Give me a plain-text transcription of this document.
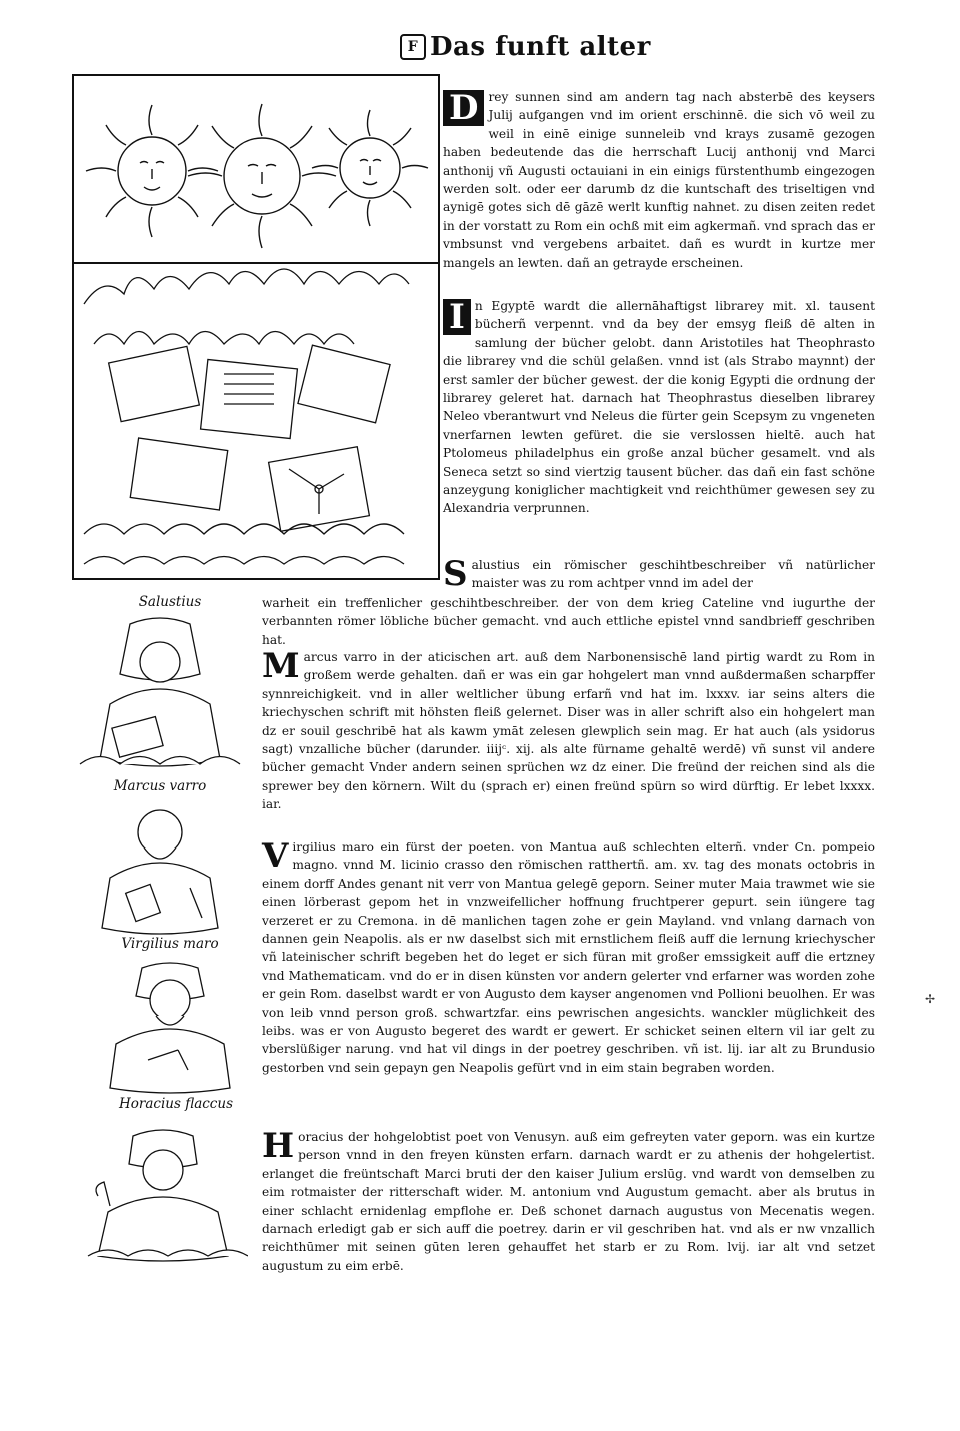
F Das funft alter
D rey sunnen sind am andern tag nach absterbē des keysers Julij aufgangen vnd im orient erschinnē. die sich vō weil zu weil in einē einige sunneleib vnd krays zusamē gezogen haben bedeutende das die herrschaft Lucij anthonij vnd Marci anthonij vñ Augusti octauiani in ein einigs fürstenthumb eingezogen werden solt. oder eer darumb dz die kuntschaft des triseltigen vnd aynigē gotes sich dē gāzē werlt kunftig nahnet. zu disen zeiten redet in der vorstatt zu Rom ein ochß mit eim agkermañ. vnd sprach das er vmbsunst vnd vergebens arbaitet. dañ es wurdt in kurtze mer mangels an lewten. dañ an getrayde erscheinen.
I n Egyptē wardt die allernāhaftigst librarey mit. xl. tausent bücherñ verpennt. vnd da bey der emsyg fleiß dē alten in samlung der bücher gelobt. dann Aristotiles hat Theophrasto die librarey vnd die schül gelaßen. vnnd ist (als Strabo maynnt) der erst samler der bücher gewest. der die konig Egypti die ordnung der librarey geleret hat. darnach hat Theophrastus dieselben librarey Neleo vberantwurt vnd Neleus die fürter gein Scepsym zu vngeneten vnerfarnen lewten gefüret. die sie verslossen hieltē. auch hat Ptolomeus philadelphus ein große anzal bücher gesamelt. vnd als Seneca setzt so sind viertzig tausent bücher. das dañ ein fast schöne anzeygung koniglicher machtigkeit vnd reichthümer gewesen sey zu Alexandria verprunnen.
S alustius ein römischer geschihtbeschreiber vñ natürlicher maister was zu rom achtper vnnd im adel der
Salustius	warheit ein treffenlicher geschihtbeschreiber. der von dem krieg Cateline vnd iugurthe der verbannten römer löbliche bücher gemacht. vnd auch ettliche epistel vnnd sandbrieff geschriben hat.
Marcus varro
Virgilius maro
Horacius flaccus
M arcus varro in der aticischen art. auß dem Narbonensischē land pirtig wardt zu Rom in großem werde gehalten. dañ er was ein gar hohgelert man vnnd außdermaßen scharpffer synnreichigkeit. vnd in aller weltlicher übung erfarñ vnd hat im. lxxxv. iar seins alters die kriechyschen schrift mit höhsten fleiß gelernet. Diser was in aller schrift also ein hohgelert man dz er souil geschribē hat als kawm ymāt zelesen glewplich sein mag. Er hat auch (als ysidorus sagt) vnzalliche bücher (darunder. iiijᶜ. xij. als alte fürname gehaltē werdē) vñ sunst vil andere bücher gemacht Vnder andern seinen sprüchen wz dz einer. Die freünd der reichen sind als die sprewer bey den körnern. Wilt du (sprach er) einen freünd spürn so wird dürftig. Er lebet lxxxx. iar.
V irgilius maro ein fürst der poeten. von Mantua auß schlechten elterñ. vnder Cn. pompeio magno. vnnd M. licinio crasso den römischen ratthertñ. am. xv. tag des monats octobris in einem dorff Andes genant nit verr von Mantua gelegē geporn. Seiner muter Maia trawmet wie sie einen lörberast gepom het in vnzweifellicher hoffnung fruchtperer gepurt. sein iüngere tag verzeret er zu Cremona. in dē manlichen tagen zohe er gein Mayland. vnd vnlang darnach von dannen gein Neapolis. als er nw daselbst sich mit ernstlichem fleiß auff die lernung kriechyscher vñ lateinischer schrift begeben het do leget er sich füran mit großer emssigkeit auff die ertzney vnd Mathematicam. vnd do er in disen künsten vor andern gelerter vnd erfarner was worden zohe er gein Rom. daselbst wardt er von Augusto dem kayser angenomen vnd Pollioni beuolhen. Er was von leib vnnd person groß. schwartzfar. eins pewrischen angesichts. wanckler müglichkeit des leibs. was er von Augusto begeret des wardt er gewert. Er schicket seinen eltern vil iar gelt zu vberslüßiger narung. vnd hat vil dings in der poetrey geschriben. vñ ist. lij. iar alt zu Brundusio gestorben vnd sein gepayn gen Neapolis gefürt vnd in eim stain begraben worden.
H oracius der hohgelobtist poet von Venusyn. auß eim gefreyten vater geporn. was ein kurtze person vnnd in den freyen künsten erfarn. darnach wardt er zu athenis der hohgelertist. erlanget die freüntschaft Marci bruti der den kaiser Julium erslūg. vnd wardt von demselben zu eim rotmaister der ritterschaft wider. M. antonium vnd Augustum gemacht. aber als brutus in einer schlacht ernidenlag empflohe er. Deß schonet darnach augustus von Mecenatis wegen. darnach erledigt gab er sich auff die poetrey. darin er vil geschriben hat. vnd als er nw vnzallich reichthūmer mit seinen gūten leren gehauffet het starb er zu Rom. lvij. iar alt vnd setzet augustum zu eim erbē.
✢
